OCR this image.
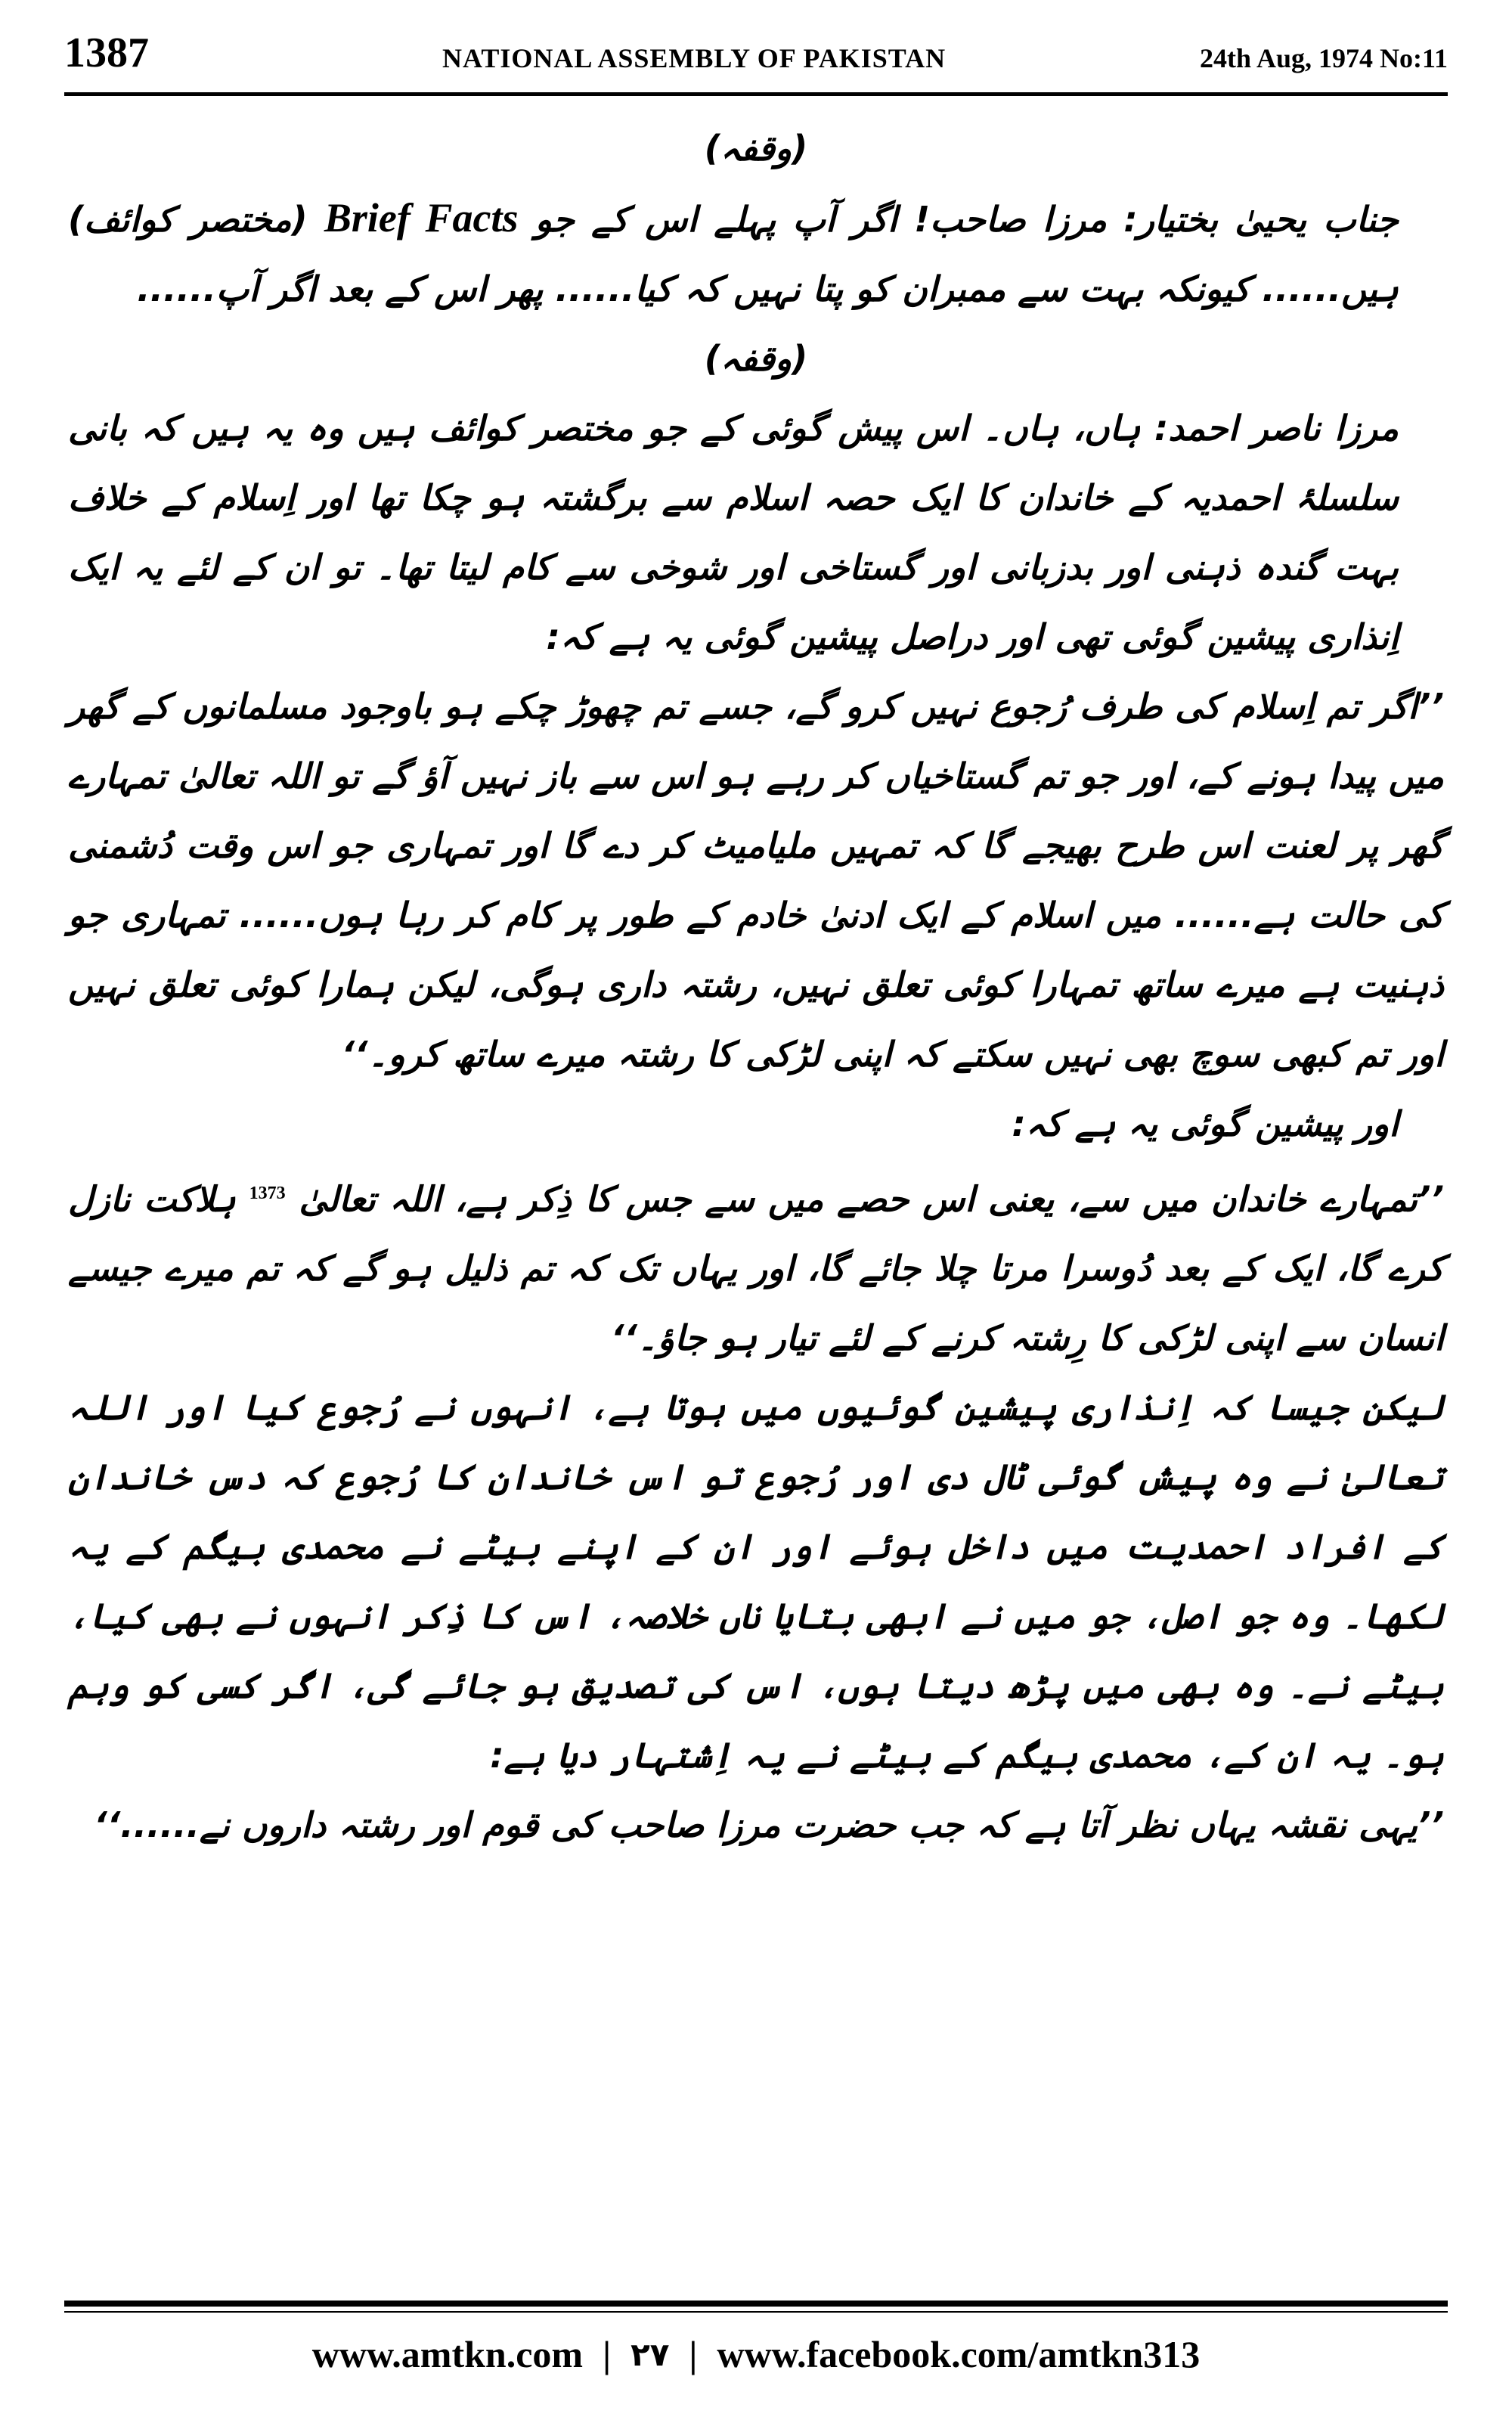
1387	NATIONAL ASSEMBLY OF PAKISTAN	24th Aug, 1974 No:11

(وقفہ)

جناب یحییٰ بختیار: مرزا صاحب! اگر آپ پہلے اس کے جو Brief Facts (مختصر کوائف) ہیں...... کیونکہ بہت سے ممبران کو پتا نہیں کہ کیا...... پھر اس کے بعد اگر آپ......

(وقفہ)

مرزا ناصر احمد: ہاں، ہاں۔ اس پیش گوئی کے جو مختصر کوائف ہیں وہ یہ ہیں کہ بانی سلسلۂ احمدیہ کے خاندان کا ایک حصہ اسلام سے برگشتہ ہو چکا تھا اور اِسلام کے خلاف بہت گندہ ذہنی اور بدزبانی اور گستاخی اور شوخی سے کام لیتا تھا۔ تو ان کے لئے یہ ایک اِنذاری پیشین گوئی تھی اور دراصل پیشین گوئی یہ ہے کہ:

’’اگر تم اِسلام کی طرف رُجوع نہیں کرو گے، جسے تم چھوڑ چکے ہو باوجود مسلمانوں کے گھر میں پیدا ہونے کے، اور جو تم گستاخیاں کر رہے ہو اس سے باز نہیں آؤ گے تو اللہ تعالیٰ تمہارے گھر پر لعنت اس طرح بھیجے گا کہ تمہیں ملیامیٹ کر دے گا اور تمہاری جو اس وقت دُشمنی کی حالت ہے...... میں اسلام کے ایک ادنیٰ خادم کے طور پر کام کر رہا ہوں...... تمہاری جو ذہنیت ہے میرے ساتھ تمہارا کوئی تعلق نہیں، رشتہ داری ہوگی، لیکن ہمارا کوئی تعلق نہیں اور تم کبھی سوچ بھی نہیں سکتے کہ اپنی لڑکی کا رشتہ میرے ساتھ کرو۔‘‘

اور پیشین گوئی یہ ہے کہ:

’’تمہارے خاندان میں سے، یعنی اس حصے میں سے جس کا ذِکر ہے، اللہ تعالیٰ $^{1373}$ ہلاکت نازل کرے گا، ایک کے بعد دُوسرا مرتا چلا جائے گا، اور یہاں تک کہ تم ذلیل ہو گے کہ تم میرے جیسے انسان سے اپنی لڑکی کا رِشتہ کرنے کے لئے تیار ہو جاؤ۔‘‘

لیکن جیسا کہ اِنذاری پیشین گوئیوں میں ہوتا ہے، انہوں نے رُجوع کیا اور اللہ تعالیٰ نے وہ پیش گوئی ٹال دی اور رُجوع تو اس خاندان کا رُجوع کہ دس خاندان کے افراد احمدیت میں داخل ہوئے اور ان کے اپنے بیٹے نے محمدی بیگم کے یہ لکھا۔ وہ جو اصل، جو میں نے ابھی بتایا ناں خلاصہ، اس کا ذِکر انہوں نے بھی کیا، بیٹے نے۔ وہ بھی میں پڑھ دیتا ہوں، اس کی تصدیق ہو جائے گی، اگر کسی کو وہم ہو۔ یہ ان کے، محمدی بیگم کے بیٹے نے یہ اِشتہار دیا ہے:

’’یہی نقشہ یہاں نظر آتا ہے کہ جب حضرت مرزا صاحب کی قوم اور رشتہ داروں نے......‘‘

www.amtkn.com | ۲۷ | www.facebook.com/amtkn313
